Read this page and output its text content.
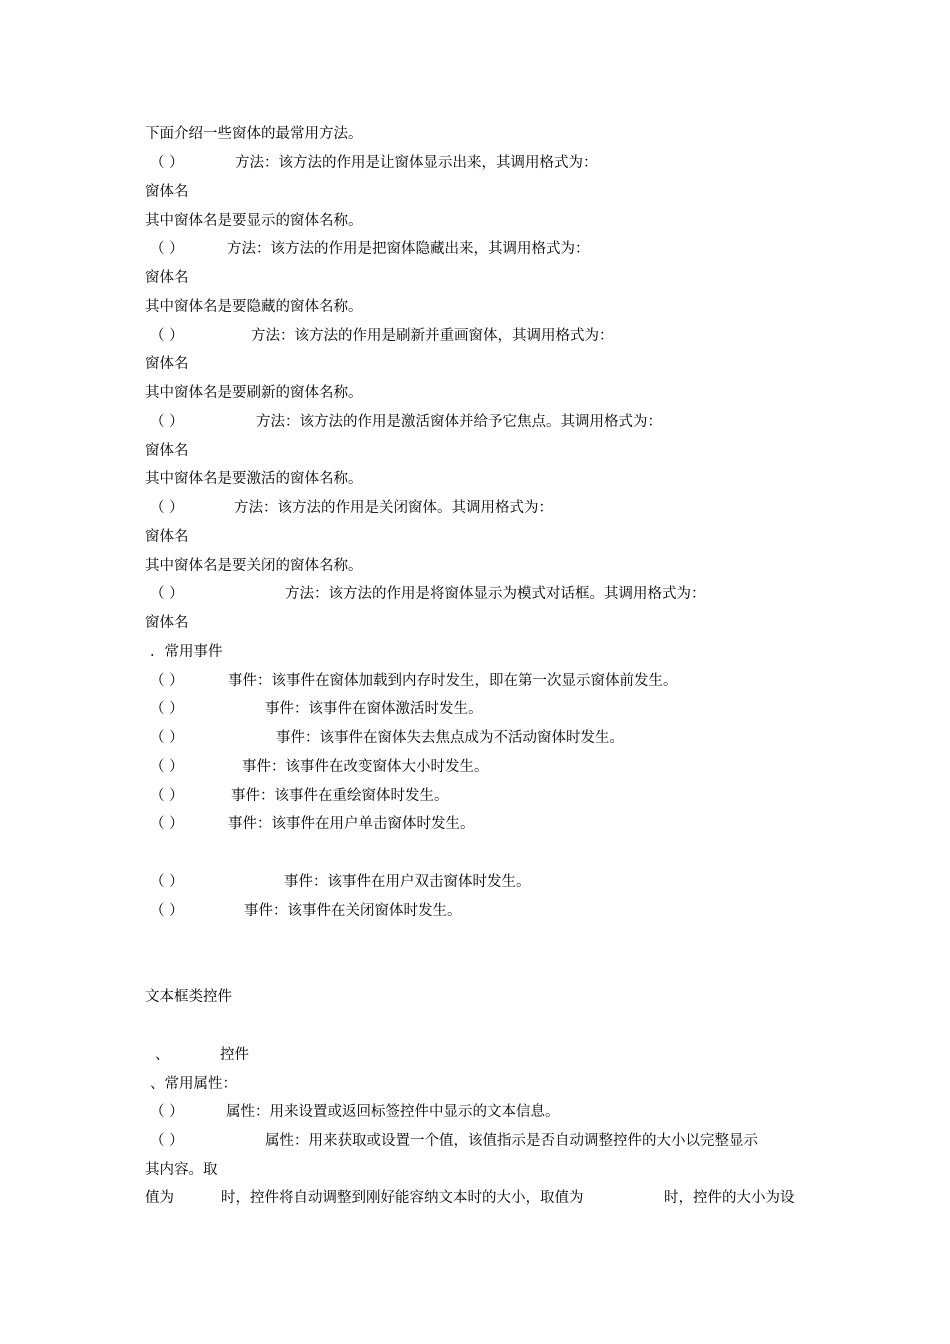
下面介绍一些窗体的最常用方法。
（ ）	方法：该方法的作用是让窗体显示出来，其调用格式为：
窗体名
其中窗体名是要显示的窗体名称。
（ ）	方法：该方法的作用是把窗体隐藏出来，其调用格式为：
窗体名
其中窗体名是要隐藏的窗体名称。
（ ）	方法：该方法的作用是刷新并重画窗体，其调用格式为：
窗体名
其中窗体名是要刷新的窗体名称。
（ ）	方法：该方法的作用是激活窗体并给予它焦点。其调用格式为：
窗体名
其中窗体名是要激活的窗体名称。
（ ）	方法：该方法的作用是关闭窗体。其调用格式为：
窗体名
其中窗体名是要关闭的窗体名称。
（ ）	方法：该方法的作用是将窗体显示为模式对话框。其调用格式为：
窗体名
．常用事件
（ ）	事件：该事件在窗体加载到内存时发生，即在第一次显示窗体前发生。
（ ）	事件：该事件在窗体激活时发生。
（ ）	事件：该事件在窗体失去焦点成为不活动窗体时发生。
（ ）	事件：该事件在改变窗体大小时发生。
（ ）	事件：该事件在重绘窗体时发生。
（ ）	事件：该事件在用户单击窗体时发生。
（ ）	事件：该事件在用户双击窗体时发生。
（ ）	事件：该事件在关闭窗体时发生。
文本框类控件
、	控件
、常用属性：
（ ）	属性：用来设置或返回标签控件中显示的文本信息。
（ ）	属性：用来获取或设置一个值，该值指示是否自动调整控件的大小以完整显示
其内容。取
值为	时，控件将自动调整到刚好能容纳文本时的大小，取值为	时，控件的大小为设
